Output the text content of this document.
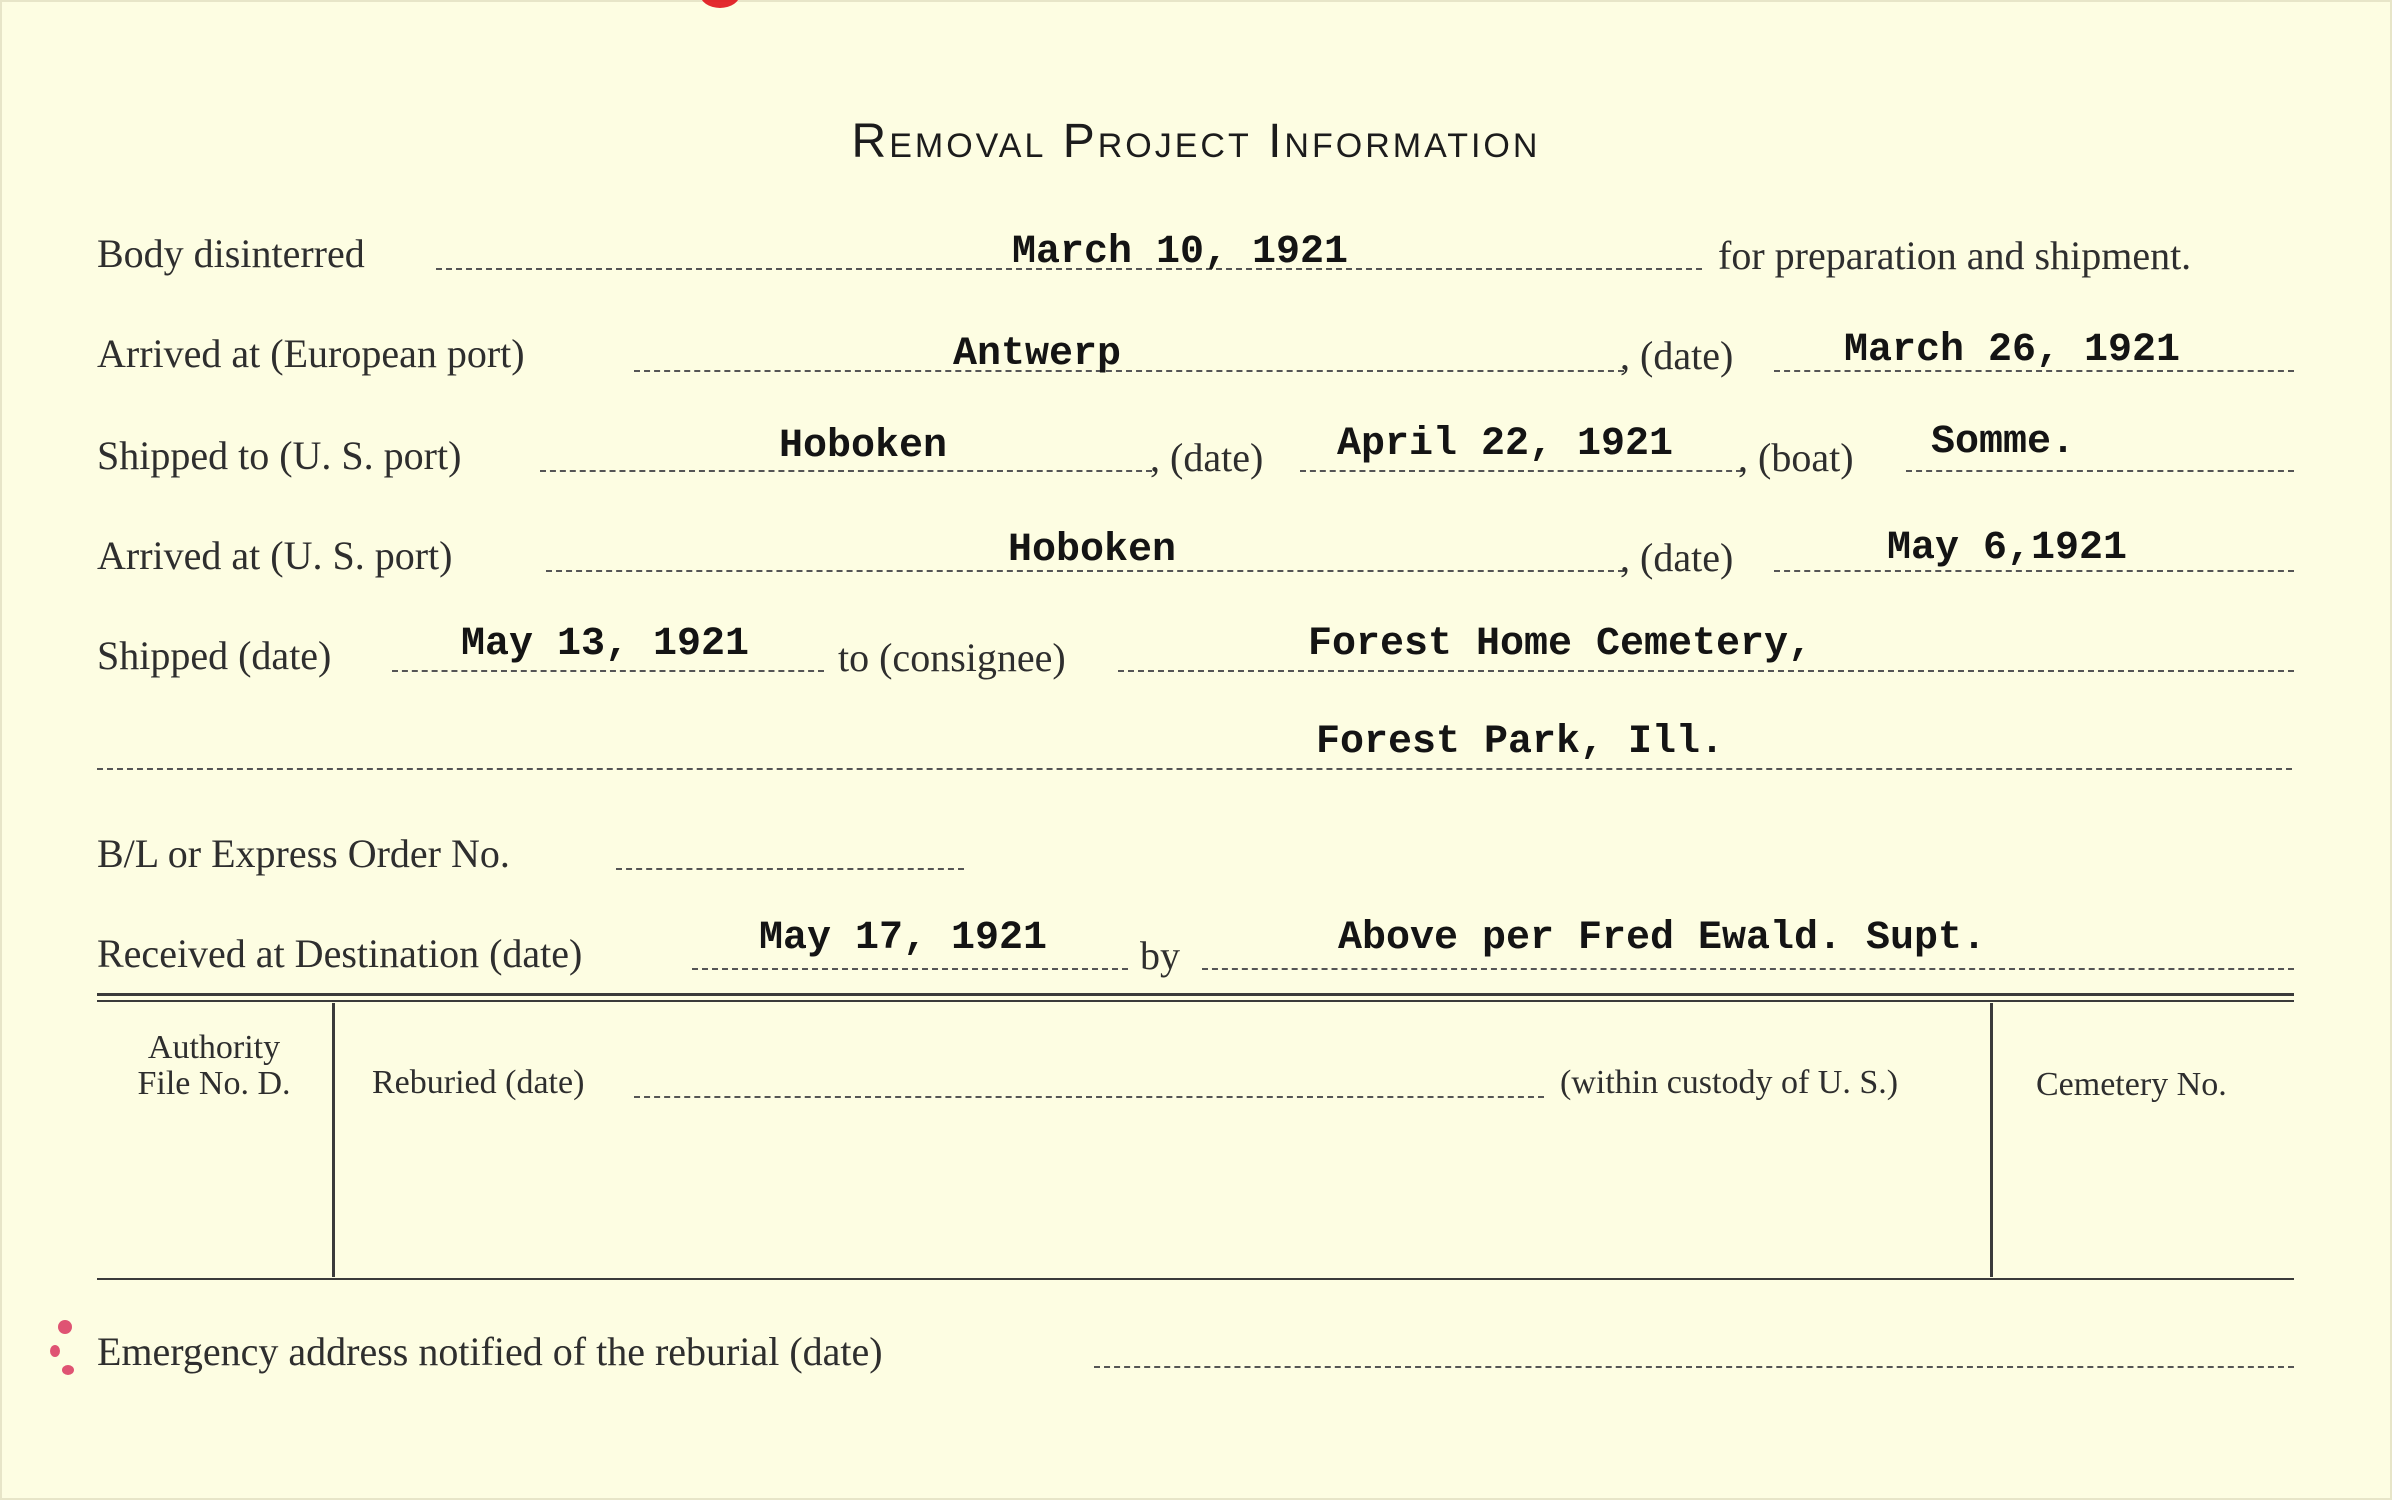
Removal Project Information
Body disinterred	March 10, 1921	for preparation and shipment.
Arrived at (European port)	Antwerp	, (date)	March 26, 1921
Shipped to (U. S. port)	Hoboken	, (date) April 22, 1921 , (boat) Somme.
Arrived at (U. S. port)	Hoboken	, (date)	May 6,1921
Shipped (date)	May 13, 1921 to (consignee)	Forest Home Cemetery,
Forest Park, Ill.
B/L or Express Order No.
Received at Destination (date)	May 17, 1921 by	Above per Fred Ewald. Supt.
Authority
File No. D.	Reburied (date)	(within custody of U. S.)	Cemetery No.
Emergency address notified of the reburial (date)
